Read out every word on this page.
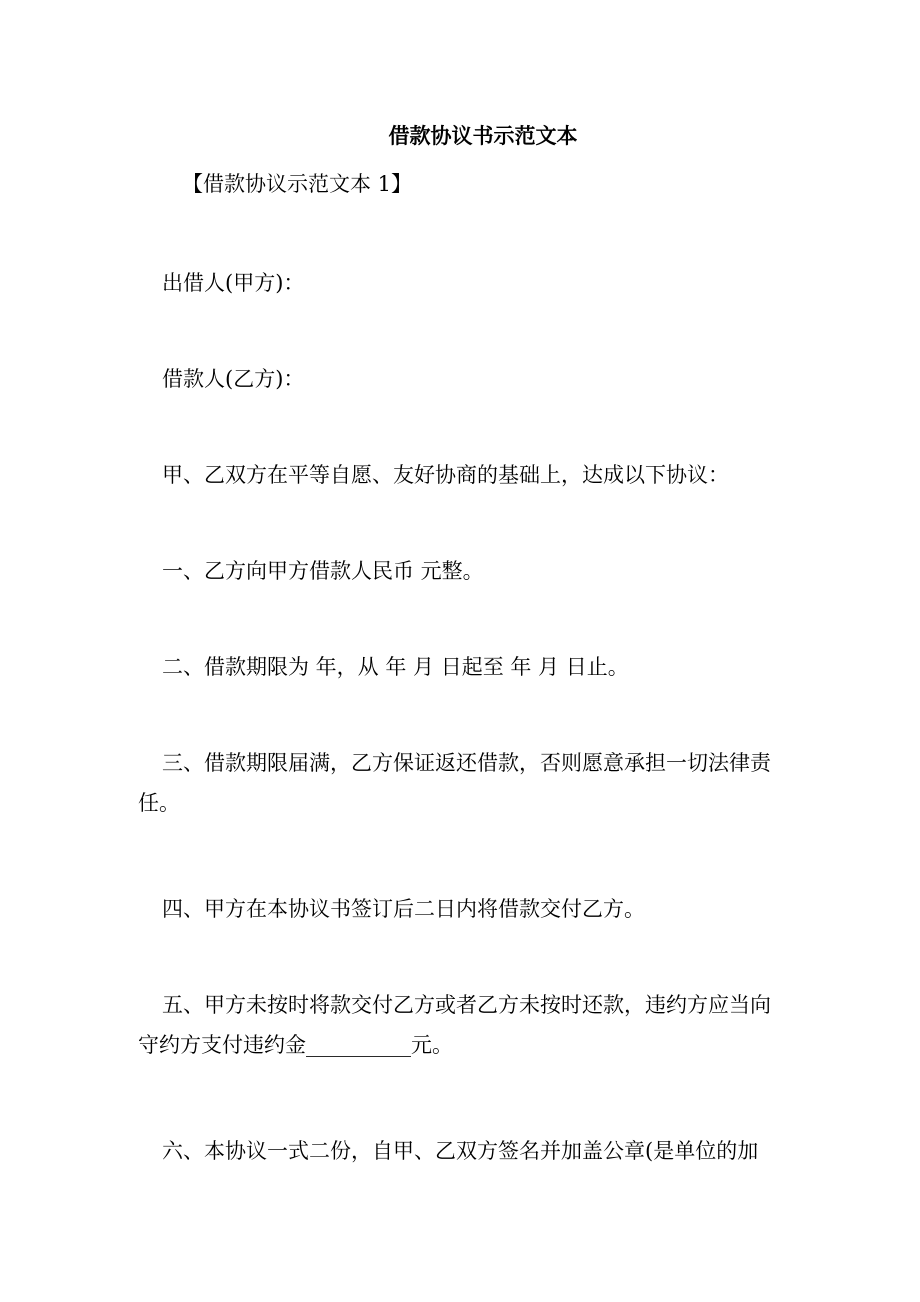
借款协议书示范文本
【借款协议示范文本 1】

出借人(甲方)：

借款人(乙方)：

甲、乙双方在平等自愿、友好协商的基础上，达成以下协议：

一、乙方向甲方借款人民币 元整。

二、借款期限为 年，从 年 月 日起至 年 月 日止。

三、借款期限届满，乙方保证返还借款，否则愿意承担一切法律责任。

四、甲方在本协议书签订后二日内将借款交付乙方。

五、甲方未按时将款交付乙方或者乙方未按时还款，违约方应当向守约方支付违约金__________元。

六、本协议一式二份，自甲、乙双方签名并加盖公章(是单位的加
